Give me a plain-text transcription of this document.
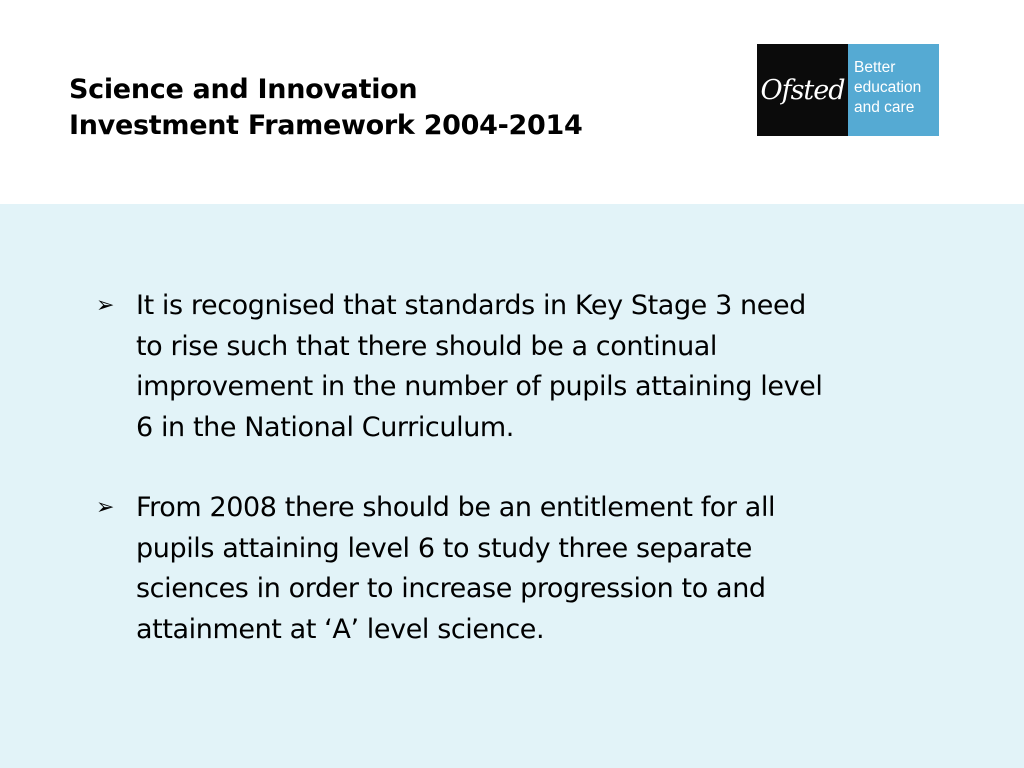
Science and Innovation
Investment Framework 2004-2014
Ofsted
Better
education
and care
➢ It is recognised that standards in Key Stage 3 need
to rise such that there should be a continual
improvement in the number of pupils attaining level
6 in the National Curriculum.
➢ From 2008 there should be an entitlement for all
pupils attaining level 6 to study three separate
sciences in order to increase progression to and
attainment at ‘A’ level science.
